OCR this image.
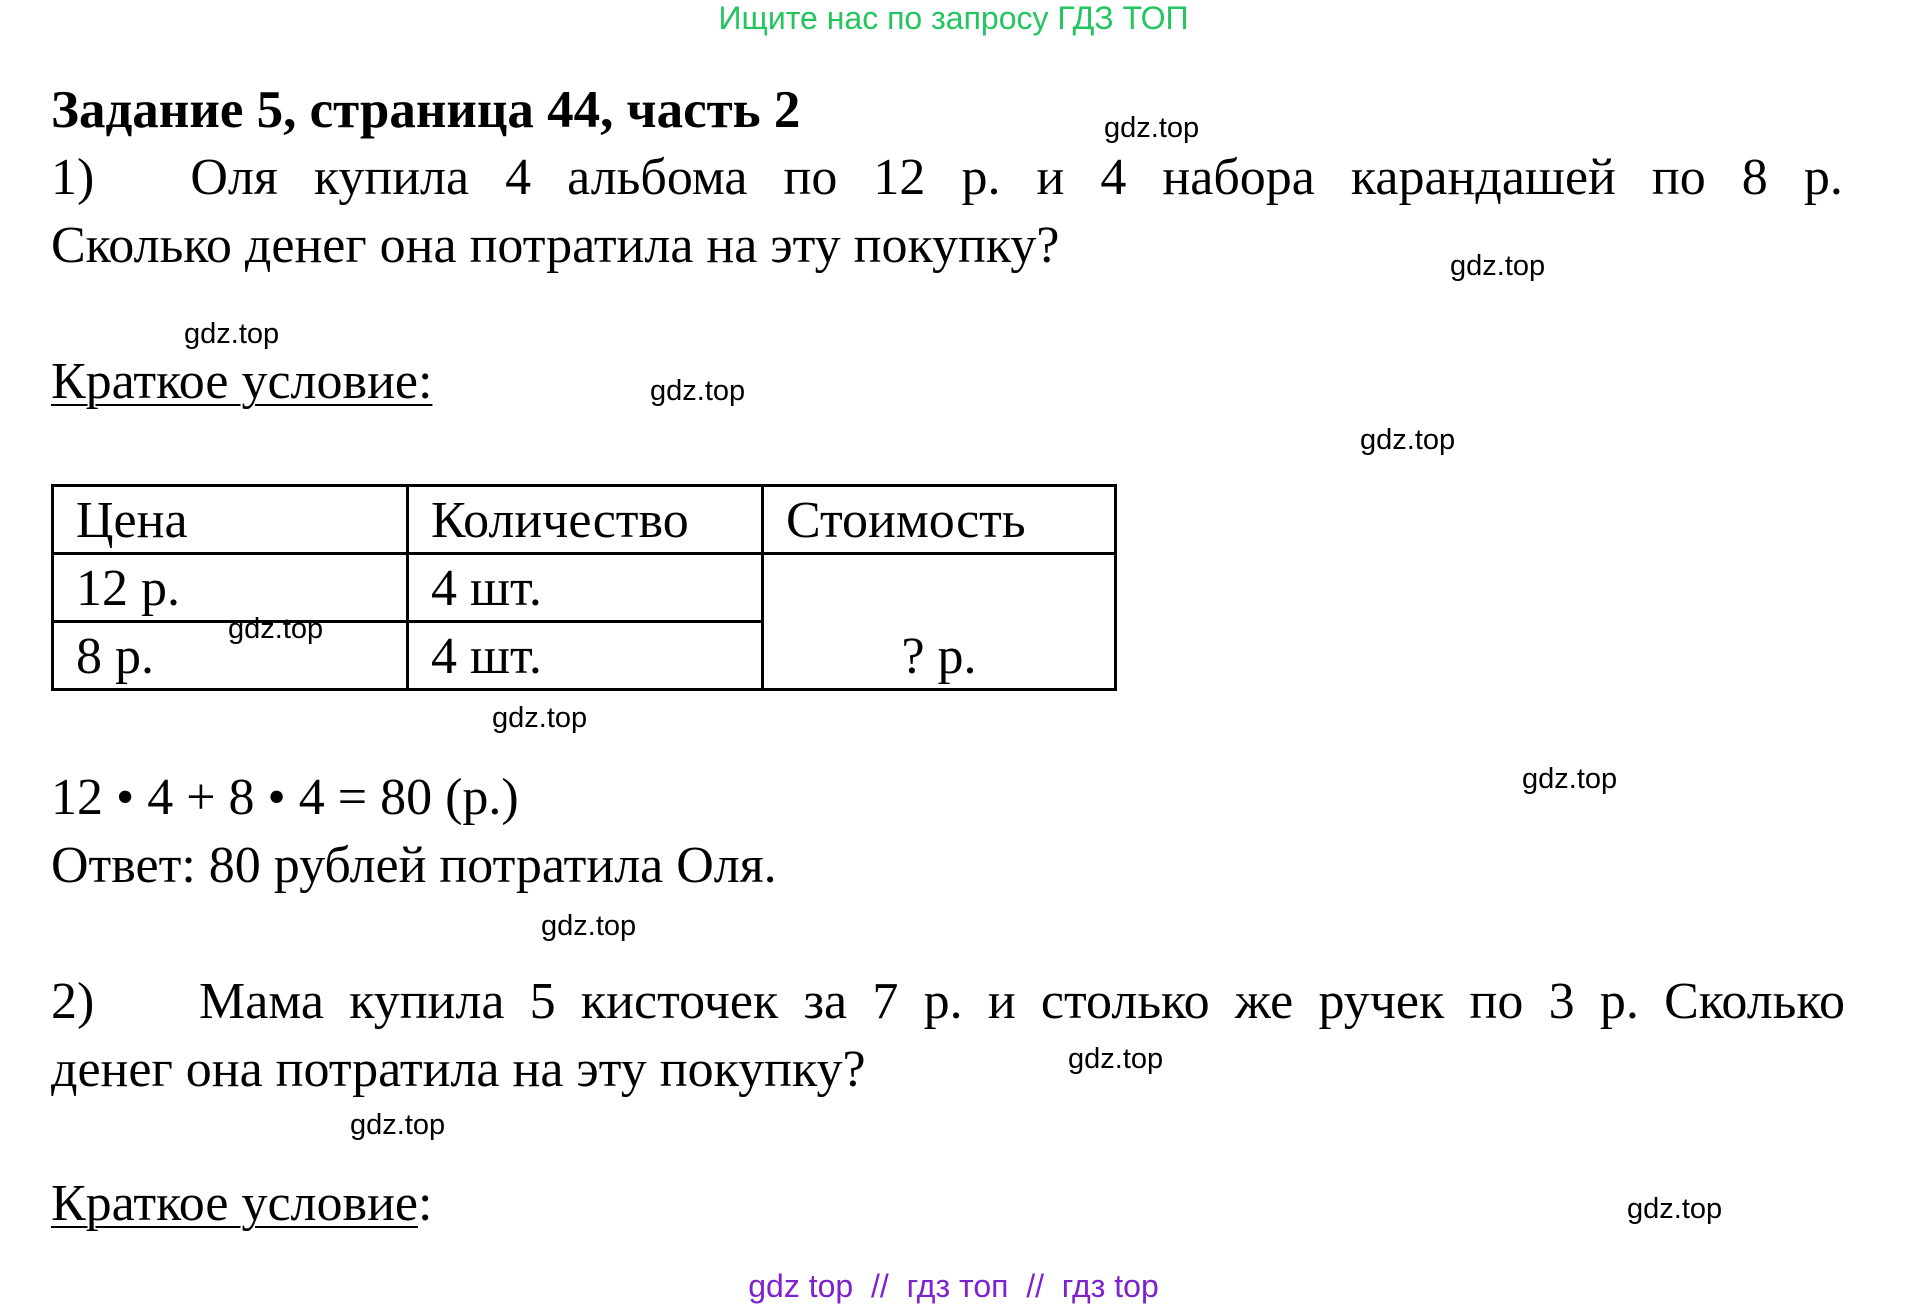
Ищите нас по запросу ГДЗ ТОП
Задание 5, страница 44, часть 2
1) Оля купила 4 альбома по 12 р. и 4 набора карандашей по 8 р.
Сколько денег она потратила на эту покупку?
Краткое условие:
Цена	Количество	Стоимость
12 р.	4 шт.	? р.
8 р.	4 шт.	
12 • 4 + 8 • 4 = 80 (р.)
Ответ: 80 рублей потратила Оля.
2) Мама купила 5 кисточек за 7 р. и столько же ручек по 3 р. Сколько
денег она потратила на эту покупку?
Краткое условие:
gdz.top
gdz.top
gdz.top
gdz.top
gdz.top
gdz.top
gdz.top
gdz.top
gdz.top
gdz.top
gdz.top
gdz.top
gdz top  //  гдз топ  //  гдз top
